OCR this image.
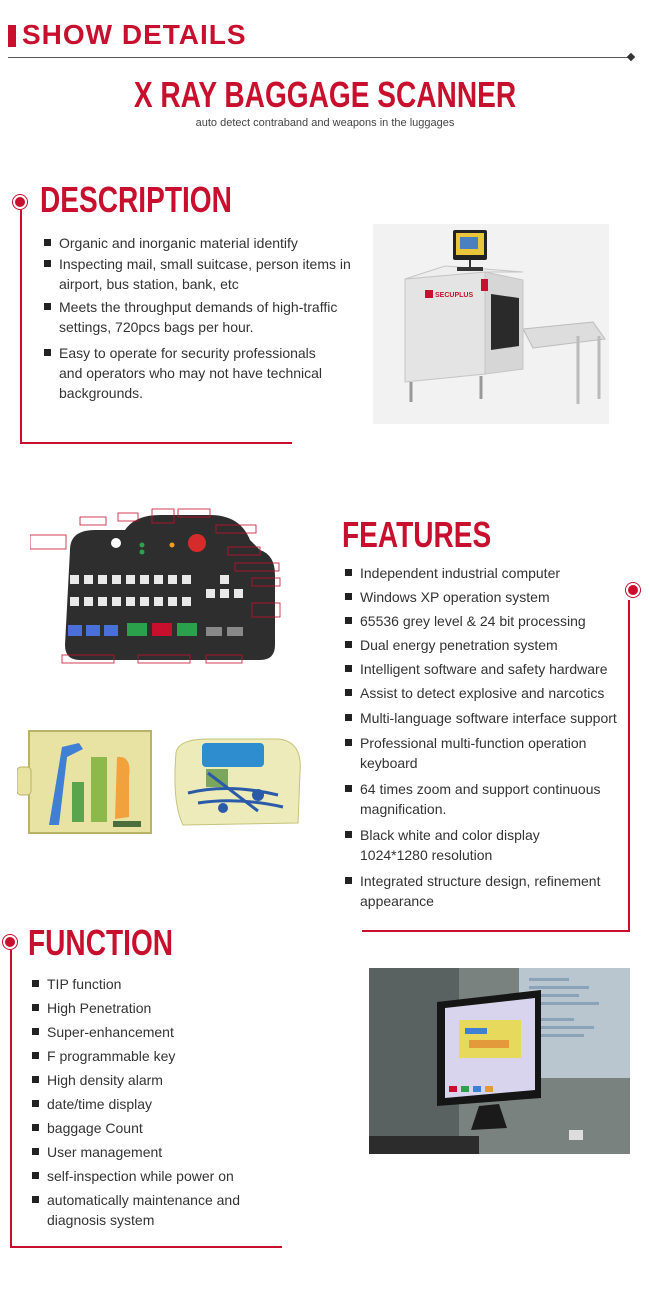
SHOW DETAILS
X RAY BAGGAGE SCANNER
auto detect contraband and weapons in the luggages
DESCRIPTION
Organic and inorganic material identify
Inspecting mail, small suitcase, person items in airport, bus station, bank, etc
Meets the throughput demands of high-traffic settings, 720pcs bags per hour.
Easy to operate for security professionals and operators who may not have technical backgrounds.
SECUPLUS
FEATURES
Independent industrial computer
Windows XP operation system
65536 grey level & 24 bit processing
Dual energy penetration system
Intelligent software and safety hardware
Assist to detect explosive and narcotics
Multi-language software interface support
Professional multi-function operation keyboard
64 times zoom and support continuous magnification.
Black white and color display 1024*1280 resolution
Integrated structure design, refinement appearance
FUNCTION
TIP function
High Penetration
Super-enhancement
F programmable key
High density alarm
date/time display
baggage Count
User management
self-inspection while power on
automatically maintenance and diagnosis system
